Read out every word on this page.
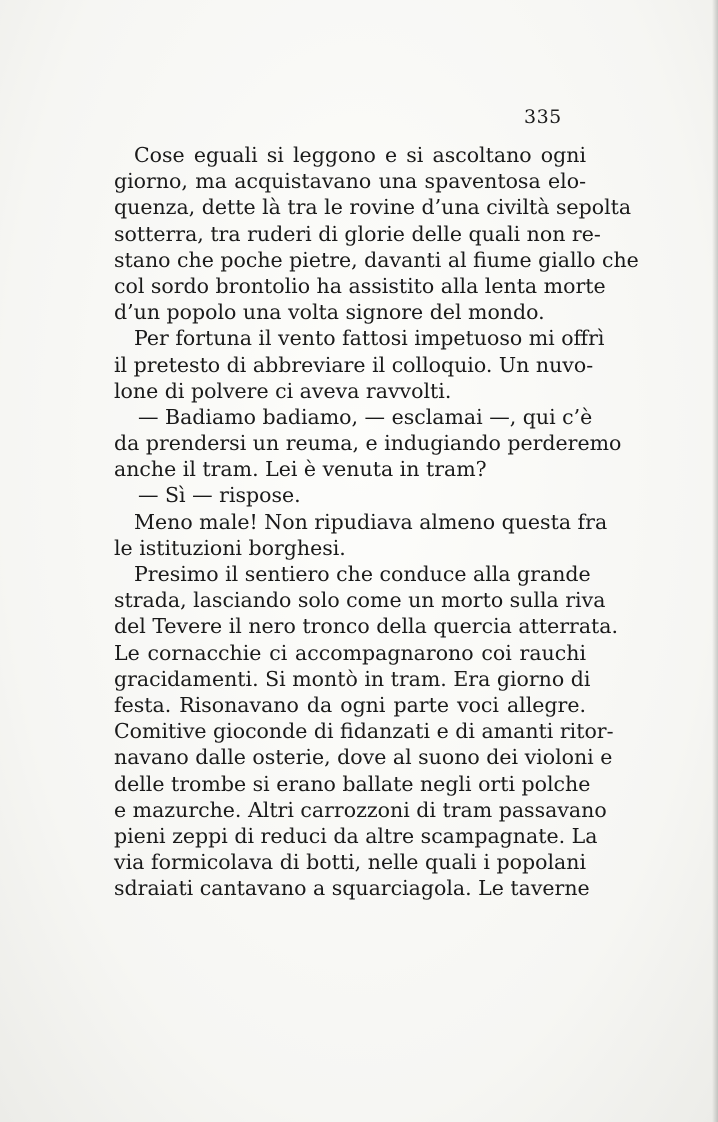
335
Cose eguali si leggono e si ascoltano ogni
giorno, ma acquistavano una spaventosa elo-
quenza, dette là tra le rovine d’una civiltà sepolta
sotterra, tra ruderi di glorie delle quali non re-
stano che poche pietre, davanti al fiume giallo che
col sordo brontolio ha assistito alla lenta morte
d’un popolo una volta signore del mondo.
Per fortuna il vento fattosi impetuoso mi offrì
il pretesto di abbreviare il colloquio. Un nuvo-
lone di polvere ci aveva ravvolti.
— Badiamo badiamo, — esclamai —, qui c’è
da prendersi un reuma, e indugiando perderemo
anche il tram. Lei è venuta in tram?
— Sì — rispose.
Meno male! Non ripudiava almeno questa fra
le istituzioni borghesi.
Presimo il sentiero che conduce alla grande
strada, lasciando solo come un morto sulla riva
del Tevere il nero tronco della quercia atterrata.
Le cornacchie ci accompagnarono coi rauchi
gracidamenti. Si montò in tram. Era giorno di
festa. Risonavano da ogni parte voci allegre.
Comitive gioconde di fidanzati e di amanti ritor-
navano dalle osterie, dove al suono dei violoni e
delle trombe si erano ballate negli orti polche
e mazurche. Altri carrozzoni di tram passavano
pieni zeppi di reduci da altre scampagnate. La
via formicolava di botti, nelle quali i popolani
sdraiati cantavano a squarciagola. Le taverne
